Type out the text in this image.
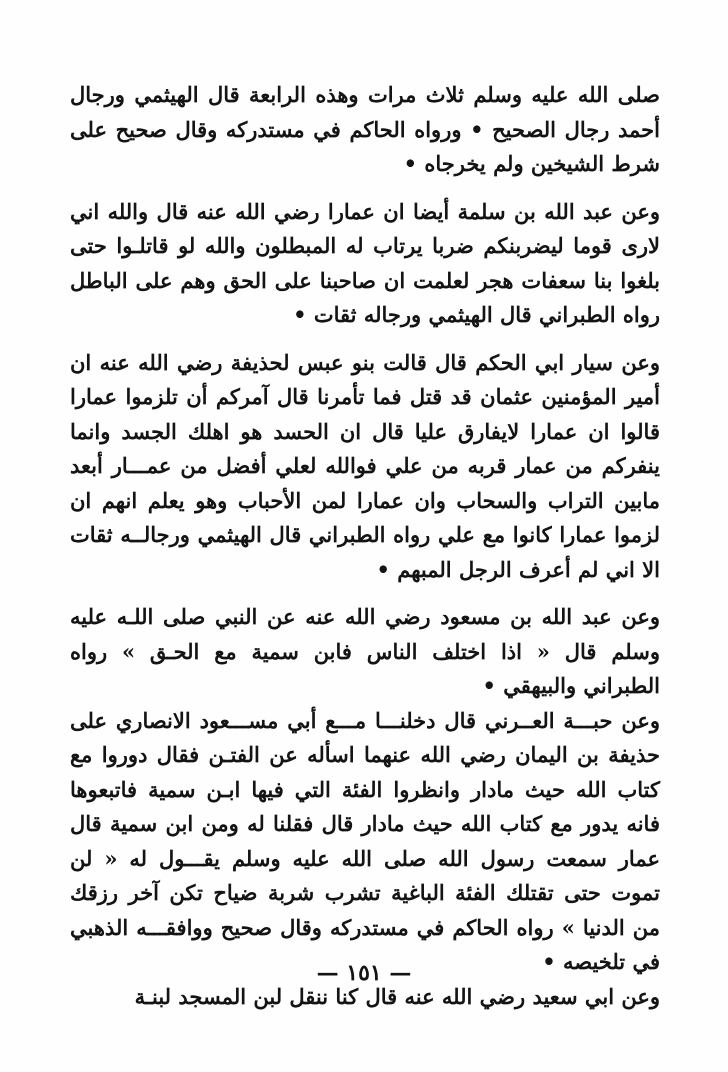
صلى الله عليه وسلم ثلاث مرات وهذه الرابعة قال الهيثمي ورجال أحمد رجال الصحيح • ورواه الحاكم في مستدركه وقال صحيح على شرط الشيخين ولم يخرجاه •

وعن عبد الله بن سلمة أيضا ان عمارا رضي الله عنه قال والله اني لارى قوما ليضربنكم ضربا يرتاب له المبطلون والله لو قاتلـوا حتى بلغوا بنا سعفات هجر لعلمت ان صاحبنا على الحق وهم على الباطل رواه الطبراني قال الهيثمي ورجاله ثقات •

وعن سيار ابي الحكم قال قالت بنو عبس لحذيفة رضي الله عنه ان أمير المؤمنين عثمان قد قتل فما تأمرنا قال آمركم أن تلزموا عمارا قالوا ان عمارا لايفارق عليا قال ان الحسد هو اهلك الجسد وانما ينفركم من عمار قربه من علي فوالله لعلي أفضل من عمـــار أبعد مابين التراب والسحاب وان عمارا لمن الأحباب وهو يعلم انهم ان لزموا عمارا كانوا مع علي رواه الطبراني قال الهيثمي ورجالــه ثقات الا اني لم أعرف الرجل المبهم •

وعن عبد الله بن مسعود رضي الله عنه عن النبي صلى اللـه عليه وسلم قال « اذا اختلف الناس فابن سمية مع الحـق » رواه الطبراني والبيهقي •

وعن حبـــة العــرني قال دخلنـــا مـــع أبي مســـعود الانصاري على حذيفة بن اليمان رضي الله عنهما اسأله عن الفتـن فقال دوروا مع كتاب الله حيث مادار وانظروا الفئة التي فيها ابـن سمية فاتبعوها فانه يدور مع كتاب الله حيث مادار قال فقلنا له ومن ابن سمية قال عمار سمعت رسول الله صلى الله عليه وسلم يقـــول له « لن تموت حتى تقتلك الفئة الباغية تشرب شربة ضياح تكن آخر رزقك من الدنيا » رواه الحاكم في مستدركه وقال صحيح ووافقـــه الذهبي في تلخيصه •

وعن ابي سعيد رضي الله عنه قال كنا ننقل لبن المسجد لبنـة

— ١٥١ —
